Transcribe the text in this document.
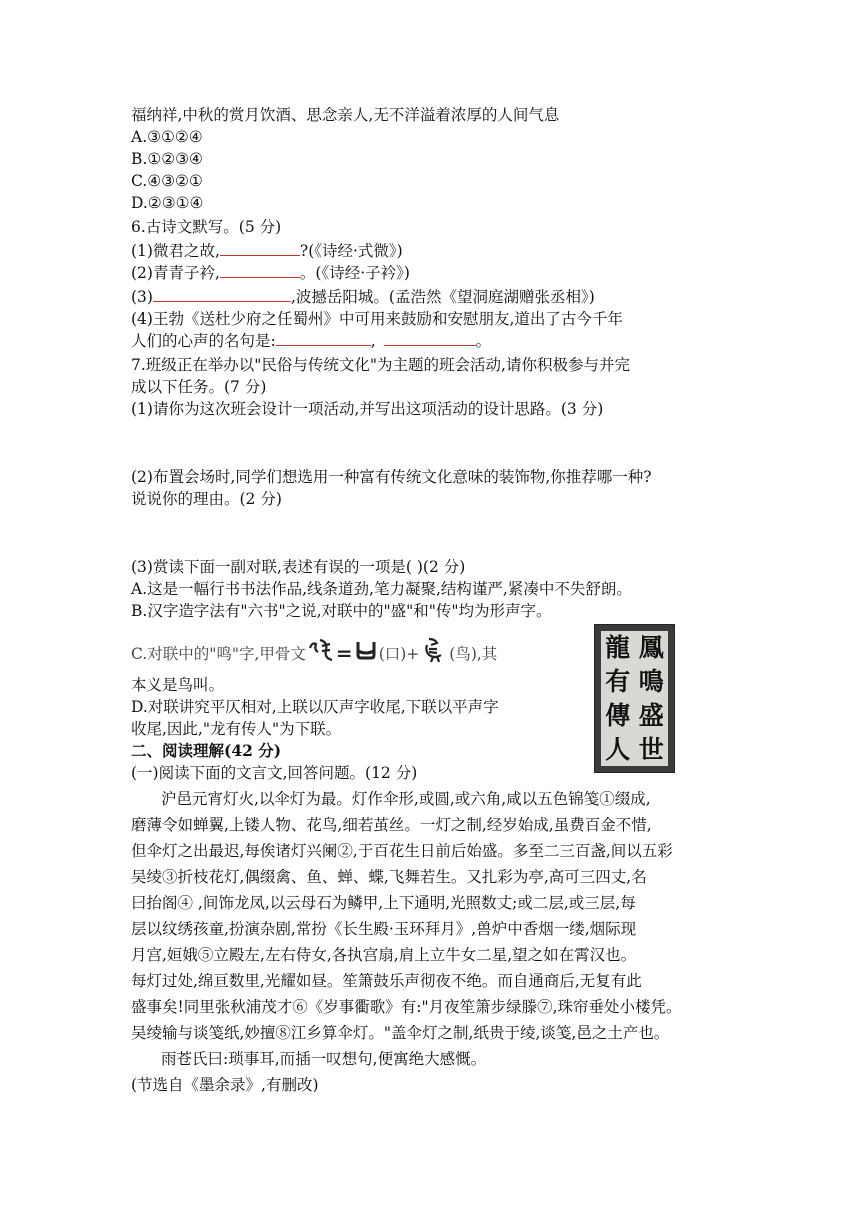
福纳祥,中秋的赏月饮酒、思念亲人,无不洋溢着浓厚的人间气息
A.③①②④
B.①②③④
C.④③②①
D.②③①④
6.古诗文默写。(5 分)
(1)微君之故,	?(《诗经·式微》)
(2)青青子衿,	。(《诗经·子衿》)
(3)	,波撼岳阳城。(孟浩然《望洞庭湖赠张丞相》)
(4)王勃《送杜少府之任蜀州》中可用来鼓励和安慰朋友,道出了古今千年
人们的心声的名句是:	,	。
7.班级正在举办以"民俗与传统文化"为主题的班会活动,请你积极参与并完
成以下任务。(7 分)
(1)请你为这次班会设计一项活动,并写出这项活动的设计思路。(3 分)
(2)布置会场时,同学们想选用一种富有传统文化意味的装饰物,你推荐哪一种?
说说你的理由。(2 分)
(3)赏读下面一副对联,表述有误的一项是( )(2 分)
A.这是一幅行书书法作品,线条道劲,笔力凝聚,结构谨严,紧凑中不失舒朗。
B.汉字造字法有"六书"之说,对联中的"盛"和"传"均为形声字。
C.对联中的"鸣"字,甲骨文 = (口)+ (鸟),其
本义是鸟叫。
D.对联讲究平仄相对,上联以仄声字收尾,下联以平声字
收尾,因此,"龙有传人"为下联。
龍 鳳
有 鳴
傳 盛
人 世
二、阅读理解(42 分)
(一)阅读下面的文言文,回答问题。(12 分)
沪邑元宵灯火,以伞灯为最。灯作伞形,或圆,或六角,咸以五色锦笺①缀成,
磨薄令如蝉翼,上镂人物、花鸟,细若茧丝。一灯之制,经岁始成,虽费百金不惜,
但伞灯之出最迟,每俟诸灯兴阑②,于百花生日前后始盛。多至二三百盏,间以五彩
吴绫③折枝花灯,偶缀禽、鱼、蝉、蝶,飞舞若生。又扎彩为亭,高可三四丈,名
曰抬阁④ ,间饰龙凤,以云母石为鳞甲,上下通明,光照数丈;或二层,或三层,每
层以纹绣孩童,扮演杂剧,常扮《长生殿·玉环拜月》,兽炉中香烟一缕,烟际现
月宫,姮娥⑤立殿左,左右侍女,各执宫扇,肩上立牛女二星,望之如在霄汉也。
每灯过处,绵亘数里,光耀如昼。笙箫鼓乐声彻夜不绝。而自通商后,无复有此
盛事矣!同里张秋浦茂才⑥《岁事衢歌》有:"月夜笙箫步绿滕⑦,珠帘垂处小楼凭。
吴绫输与谈笺纸,妙擅⑧江乡算伞灯。"盖伞灯之制,纸贵于绫,谈笺,邑之土产也。
雨苍氏曰:琐事耳,而插一叹想句,便寓绝大感慨。
(节选自《墨余录》,有删改)
